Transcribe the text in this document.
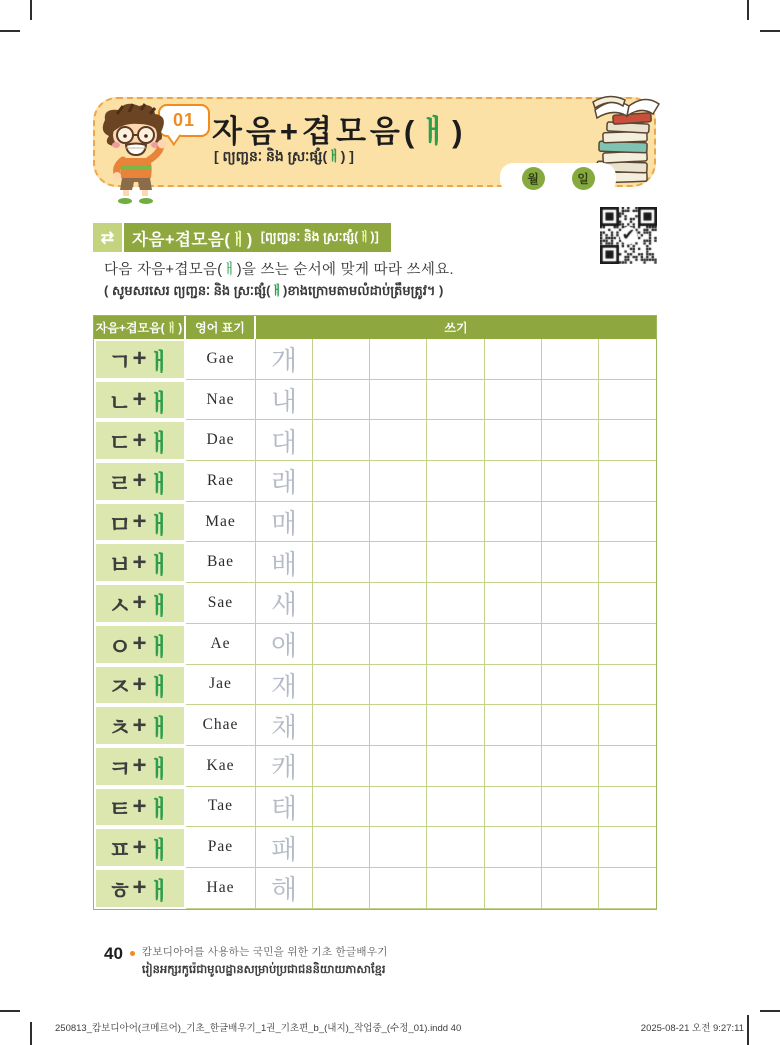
01 자음+겹모음(ㅐ)
[ ព្យញ្ជនៈ និង ស្រៈផ្សំ(ㅐ) ]
월	일
⇄ 자음+겹모음(ㅐ) [ព្យញ្ជនៈ និង ស្រៈផ្សំ(ㅐ)]
다음 자음+겹모음(ㅐ)을 쓰는 순서에 맞게 따라 쓰세요.
( សូមសរសេរ ព្យញ្ជនៈ និង ស្រៈផ្សំ(ㅐ)ខាងក្រោមតាមលំដាប់ត្រឹមត្រូវ។ )
자음+겹모음( ㅐ ) 영어 표기	쓰기
ㄱ + ㅐ Gae 개
ㄴ + ㅐ Nae 내
ㄷ + ㅐ Dae 대
ㄹ + ㅐ Rae 래
ㅁ + ㅐ Mae 매
ㅂ + ㅐ Bae 배
ㅅ + ㅐ Sae 새
ㅇ + ㅐ	Ae 애
ㅈ + ㅐ Jae 재
ㅊ + ㅐ Chae 채
ㅋ + ㅐ Kae 캐
ㅌ + ㅐ Tae 태
ㅍ + ㅐ Pae 패
ㅎ + ㅐ Hae 해
40 캄보디아어를 사용하는 국민을 위한 기초 한글배우기
រៀនអក្សរកូរ៉េជាមូលដ្ឋានសម្រាប់ប្រជាជននិយាយភាសាខ្មែរ
250813_캄보디아어(크메르어)_기초_한글배우기_1권_기초편_b_(내지)_작업중_(수정_01).indd 40	2025-08-21 오전 9:27:11
